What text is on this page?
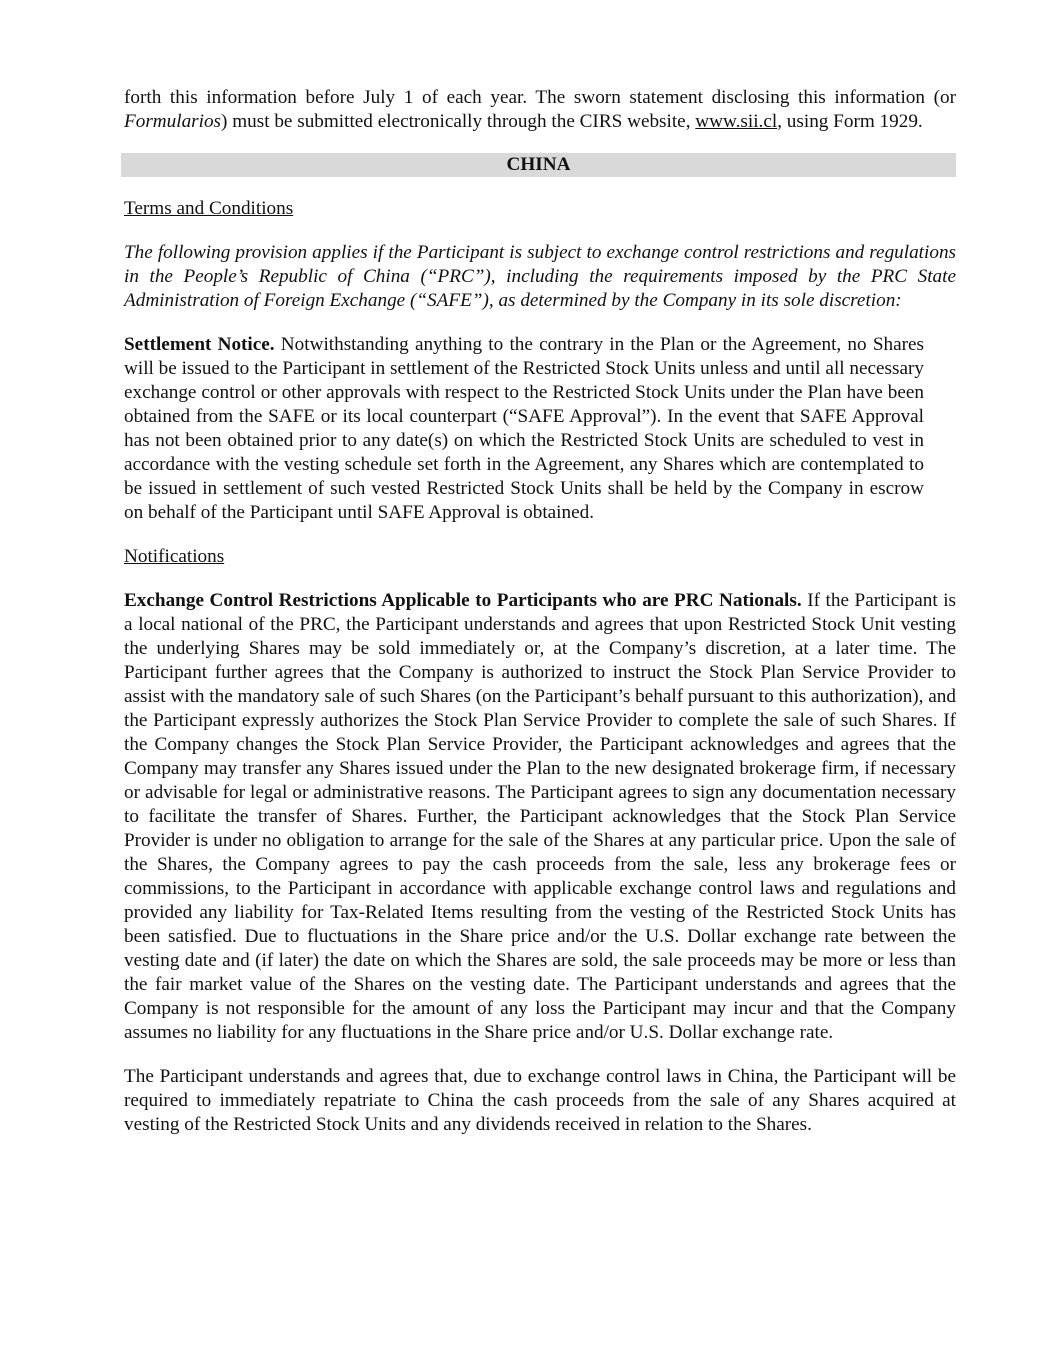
forth this information before July 1 of each year. The sworn statement disclosing this information (or Formularios) must be submitted electronically through the CIRS website, www.sii.cl, using Form 1929.

CHINA

Terms and Conditions

The following provision applies if the Participant is subject to exchange control restrictions and regulations in the People’s Republic of China (“PRC”), including the requirements imposed by the PRC State Administration of Foreign Exchange (“SAFE”), as determined by the Company in its sole discretion:

Settlement Notice. Notwithstanding anything to the contrary in the Plan or the Agreement, no Shares will be issued to the Participant in settlement of the Restricted Stock Units unless and until all necessary exchange control or other approvals with respect to the Restricted Stock Units under the Plan have been obtained from the SAFE or its local counterpart (“SAFE Approval”). In the event that SAFE Approval has not been obtained prior to any date(s) on which the Restricted Stock Units are scheduled to vest in accordance with the vesting schedule set forth in the Agreement, any Shares which are contemplated to be issued in settlement of such vested Restricted Stock Units shall be held by the Company in escrow on behalf of the Participant until SAFE Approval is obtained.

Notifications

Exchange Control Restrictions Applicable to Participants who are PRC Nationals. If the Participant is a local national of the PRC, the Participant understands and agrees that upon Restricted Stock Unit vesting the underlying Shares may be sold immediately or, at the Company’s discretion, at a later time. The Participant further agrees that the Company is authorized to instruct the Stock Plan Service Provider to assist with the mandatory sale of such Shares (on the Participant’s behalf pursuant to this authorization), and the Participant expressly authorizes the Stock Plan Service Provider to complete the sale of such Shares. If the Company changes the Stock Plan Service Provider, the Participant acknowledges and agrees that the Company may transfer any Shares issued under the Plan to the new designated brokerage firm, if necessary or advisable for legal or administrative reasons. The Participant agrees to sign any documentation necessary to facilitate the transfer of Shares. Further, the Participant acknowledges that the Stock Plan Service Provider is under no obligation to arrange for the sale of the Shares at any particular price. Upon the sale of the Shares, the Company agrees to pay the cash proceeds from the sale, less any brokerage fees or commissions, to the Participant in accordance with applicable exchange control laws and regulations and provided any liability for Tax-Related Items resulting from the vesting of the Restricted Stock Units has been satisfied. Due to fluctuations in the Share price and/or the U.S. Dollar exchange rate between the vesting date and (if later) the date on which the Shares are sold, the sale proceeds may be more or less than the fair market value of the Shares on the vesting date. The Participant understands and agrees that the Company is not responsible for the amount of any loss the Participant may incur and that the Company assumes no liability for any fluctuations in the Share price and/or U.S. Dollar exchange rate.

The Participant understands and agrees that, due to exchange control laws in China, the Participant will be required to immediately repatriate to China the cash proceeds from the sale of any Shares acquired at vesting of the Restricted Stock Units and any dividends received in relation to the Shares.
